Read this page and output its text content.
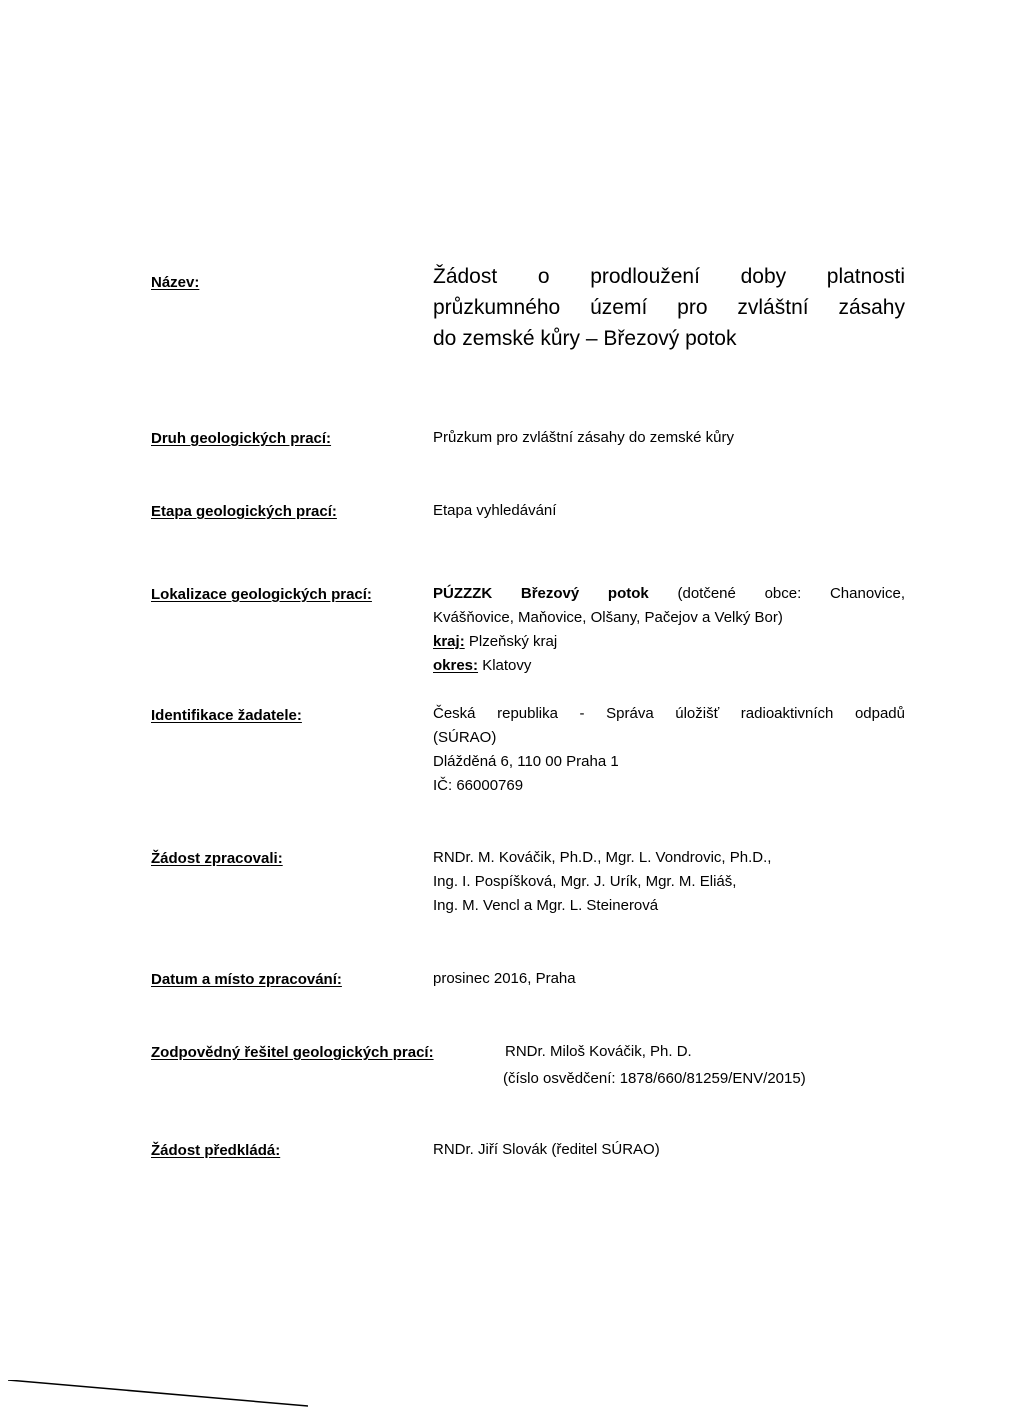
Název:	Žádost o prodloužení doby platnosti
průzkumného území pro zvláštní zásahy
do zemské kůry – Březový potok
Druh geologických prací:	Průzkum pro zvláštní zásahy do zemské kůry
Etapa geologických prací:	Etapa vyhledávání
Lokalizace geologických prací:	PÚZZZK Březový potok (dotčené obce: Chanovice,
Kvášňovice, Maňovice, Olšany, Pačejov a Velký Bor)
kraj: Plzeňský kraj
okres: Klatovy
Identifikace žadatele:	Česká republika - Správa úložišť radioaktivních odpadů
(SÚRAO)
Dlážděná 6, 110 00 Praha 1
IČ: 66000769
Žádost zpracovali:	RNDr. M. Kováčik, Ph.D., Mgr. L. Vondrovic, Ph.D.,
Ing. I. Pospíšková, Mgr. J. Urík, Mgr. M. Eliáš,
Ing. M. Vencl a Mgr. L. Steinerová
Datum a místo zpracování:	prosinec 2016, Praha
Zodpovědný řešitel geologických prací:	RNDr. Miloš Kováčik, Ph. D.
(číslo osvědčení: 1878/660/81259/ENV/2015)
Žádost předkládá:	RNDr. Jiří Slovák (ředitel SÚRAO)
